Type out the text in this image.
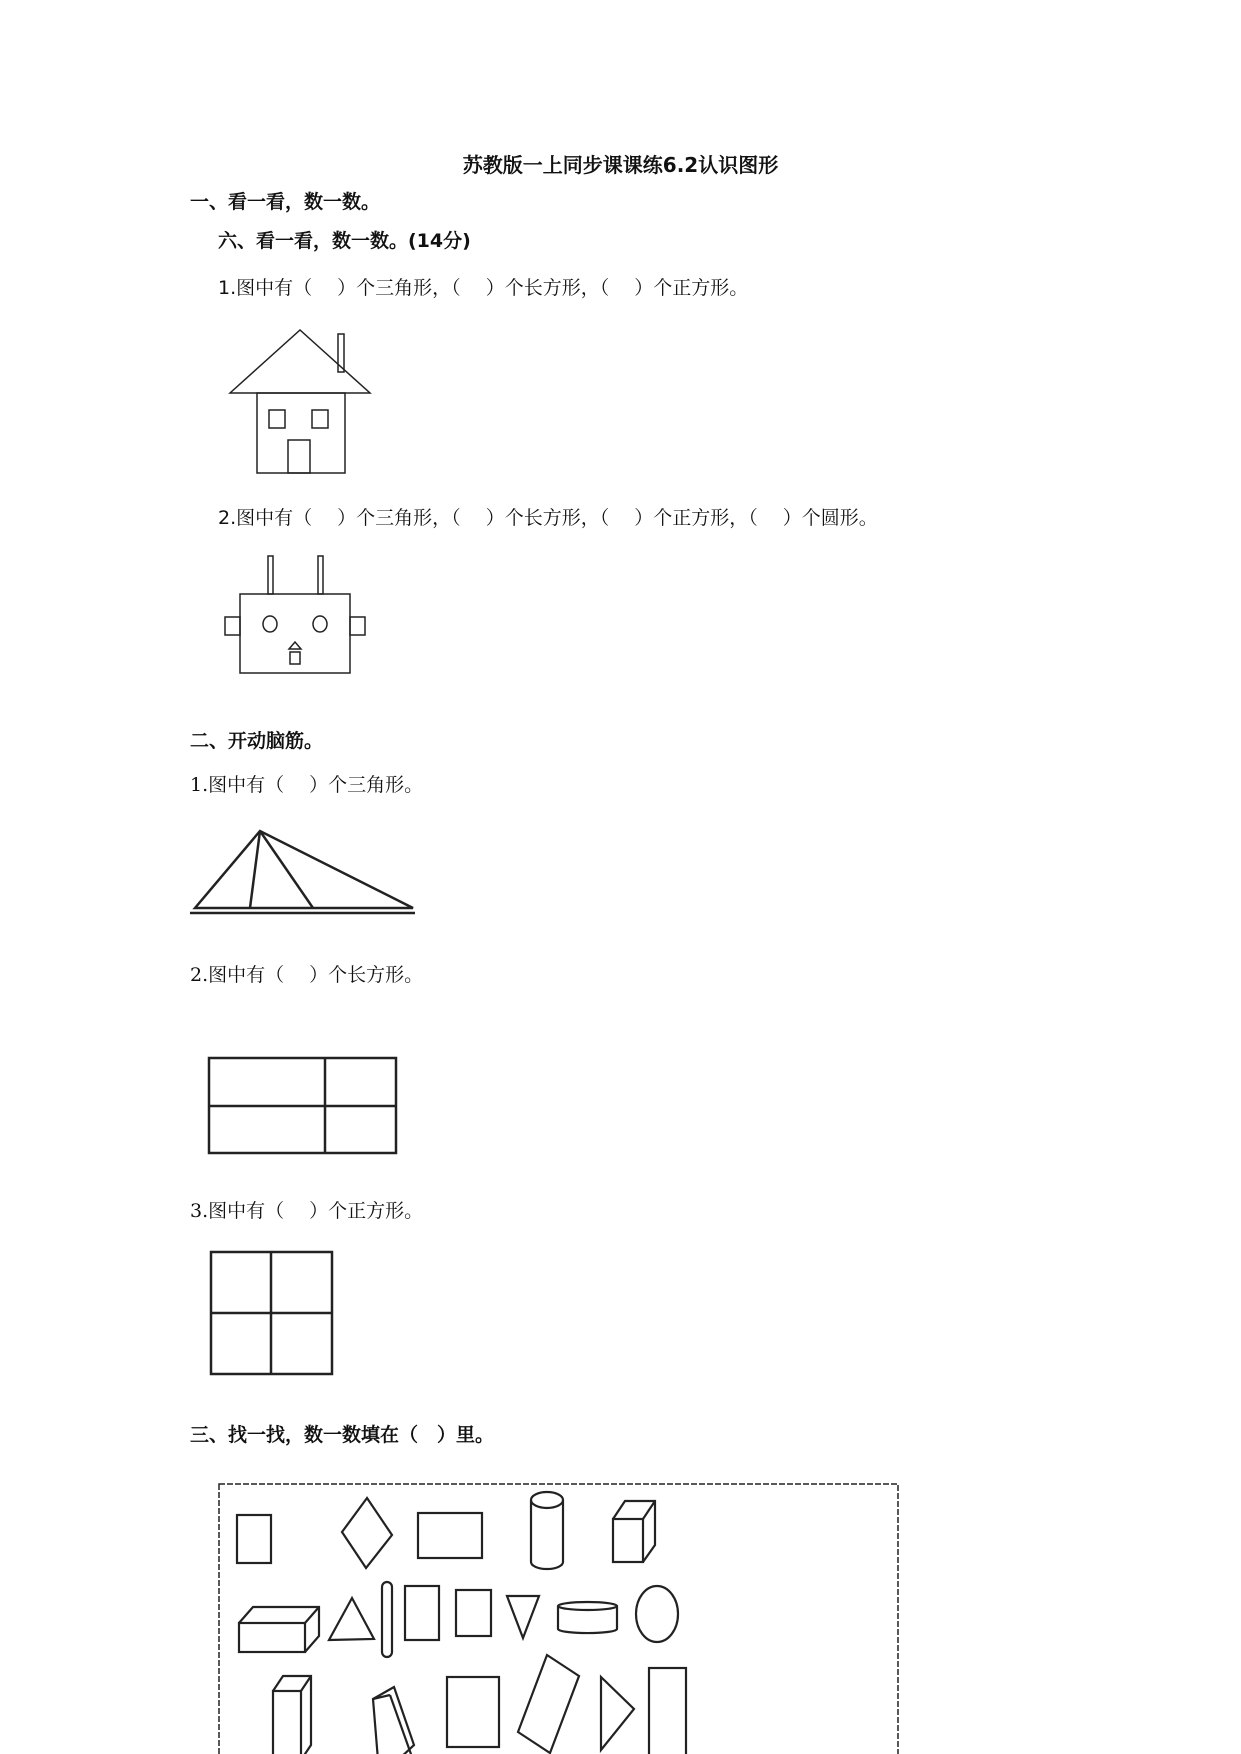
苏教版一上同步课课练6.2认识图形
一、看一看，数一数。
六、看一看，数一数。(14分)
1.图中有（　 ）个三角形，（　 ）个长方形，（　 ）个正方形。
2.图中有（　 ）个三角形，（　 ）个长方形，（　 ）个正方形，（　 ）个圆形。
二、开动脑筋。
1.图中有（　 ）个三角形。
2.图中有（　 ）个长方形。
3.图中有（　 ）个正方形。
三、找一找，数一数填在（　）里。
